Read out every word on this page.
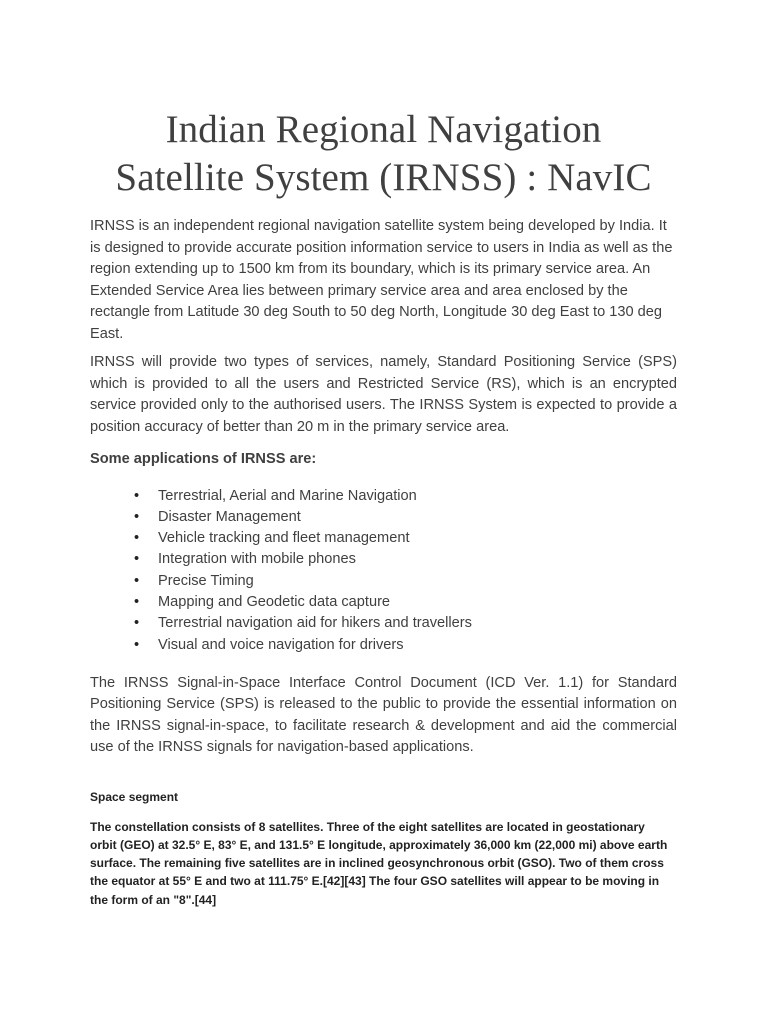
Indian Regional Navigation
Satellite System (IRNSS) : NavIC

IRNSS is an independent regional navigation satellite system being developed by India. It is designed to provide accurate position information service to users in India as well as the region extending up to 1500 km from its boundary, which is its primary service area. An Extended Service Area lies between primary service area and area enclosed by the rectangle from Latitude 30 deg South to 50 deg North, Longitude 30 deg East to 130 deg East.

IRNSS will provide two types of services, namely, Standard Positioning Service (SPS) which is provided to all the users and Restricted Service (RS), which is an encrypted service provided only to the authorised users. The IRNSS System is expected to provide a position accuracy of better than 20 m in the primary service area.

Some applications of IRNSS are:

• Terrestrial, Aerial and Marine Navigation
• Disaster Management
• Vehicle tracking and fleet management
• Integration with mobile phones
• Precise Timing
• Mapping and Geodetic data capture
• Terrestrial navigation aid for hikers and travellers
• Visual and voice navigation for drivers

The IRNSS Signal-in-Space Interface Control Document (ICD Ver. 1.1) for Standard Positioning Service (SPS) is released to the public to provide the essential information on the IRNSS signal-in-space, to facilitate research & development and aid the commercial use of the IRNSS signals for navigation-based applications.

Space segment

The constellation consists of 8 satellites. Three of the eight satellites are located in geostationary orbit (GEO) at 32.5° E, 83° E, and 131.5° E longitude, approximately 36,000 km (22,000 mi) above earth surface. The remaining five satellites are in inclined geosynchronous orbit (GSO). Two of them cross the equator at 55° E and two at 111.75° E.[42][43] The four GSO satellites will appear to be moving in the form of an "8".[44]
